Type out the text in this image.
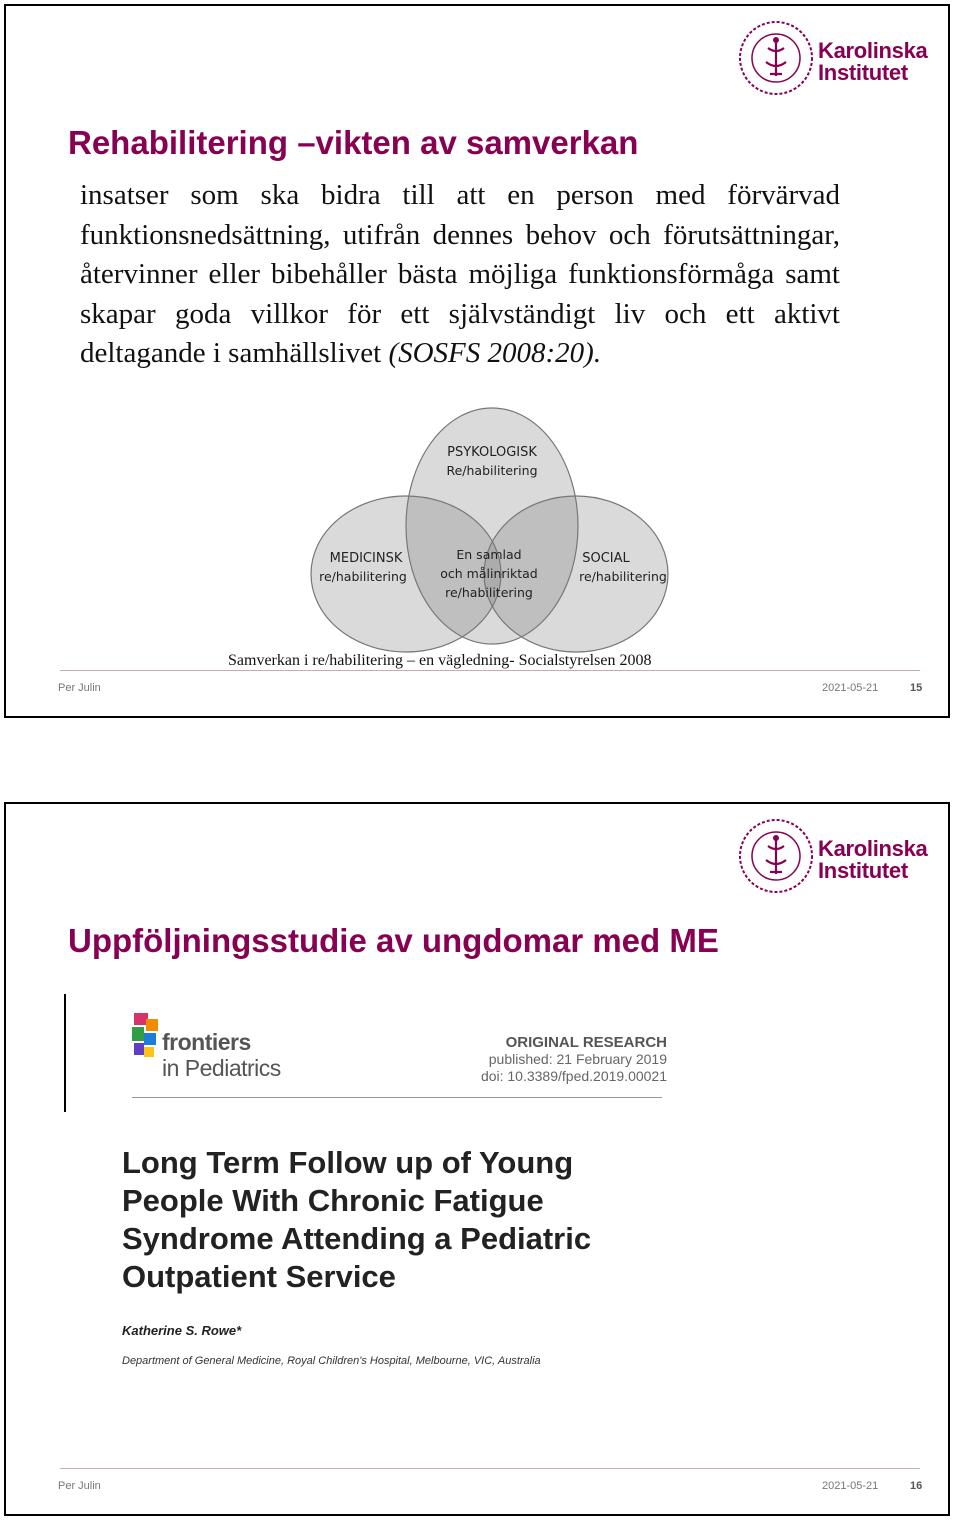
Karolinska
Institutet
Rehabilitering –vikten av samverkan

insatser som ska bidra till att en person med förvärvad funktionsnedsättning, utifrån dennes behov och förutsättningar, återvinner eller bibehåller bästa möjliga funktionsförmåga samt skapar goda villkor för ett självständigt liv och ett aktivt deltagande i samhällslivet (SOSFS 2008:20).

PSYKOLOGISK
Re/habilitering
MEDICINSK
re/habilitering
SOCIAL
re/habilitering
En samlad
och målinriktad
re/habilitering
Samverkan i re/habilitering – en vägledning- Socialstyrelsen 2008
Per Julin	2021-05-21	15
Karolinska
Institutet
Uppföljningsstudie av ungdomar med ME
frontiers
in Pediatrics
ORIGINAL RESEARCH
published: 21 February 2019
doi: 10.3389/fped.2019.00021
Long Term Follow up of Young People With Chronic Fatigue Syndrome Attending a Pediatric Outpatient Service
Katherine S. Rowe*
Department of General Medicine, Royal Children's Hospital, Melbourne, VIC, Australia
Per Julin	2021-05-21	16
